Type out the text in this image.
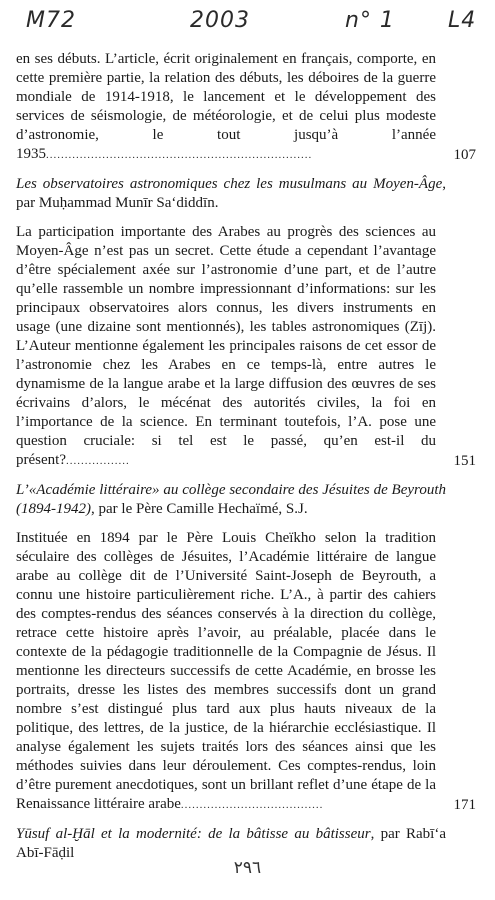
M72	2003	n° 1 L4

en ses débuts. L’article, écrit originalement en français, comporte, en cette première partie, la relation des débuts, les déboires de la guerre mondiale de 1914-1918, le lancement et le développement des services de séismologie, de météorologie, et de celui plus modeste d’astronomie, le tout jusqu’à l’année 1935.......................................................................	107

Les observatoires astronomiques chez les musulmans au Moyen-Âge, par Muḥammad Munīr Sa‘diddīn.

La participation importante des Arabes au progrès des sciences au Moyen-Âge n’est pas un secret. Cette étude a cependant l’avantage d’être spécialement axée sur l’astronomie d’une part, et de l’autre qu’elle rassemble un nombre impressionnant d’informations: sur les principaux observatoires alors connus, les divers instruments en usage (une dizaine sont mentionnés), les tables astronomiques (Zīj). L’Auteur mentionne également les principales raisons de cet essor de l’astronomie chez les Arabes en ce temps-là, entre autres le dynamisme de la langue arabe et la large diffusion des œuvres de ses écrivains d’alors, le mécénat des autorités civiles, la foi en l’importance de la science. En terminant toutefois, l’A. pose une question cruciale: si tel est le passé, qu’en est-il du présent?.................	151

L’«Académie littéraire» au collège secondaire des Jésuites de Beyrouth (1894-1942), par le Père Camille Hechaïmé, S.J.

Instituée en 1894 par le Père Louis Cheïkho selon la tradition séculaire des collèges de Jésuites, l’Académie littéraire de langue arabe au collège dit de l’Université Saint-Joseph de Beyrouth, a connu une histoire particulièrement riche. L’A., à partir des cahiers des comptes-rendus des séances conservés à la direction du collège, retrace cette histoire après l’avoir, au préalable, placée dans le contexte de la pédagogie traditionnelle de la Compagnie de Jésus. Il mentionne les directeurs successifs de cette Académie, en brosse les portraits, dresse les listes des membres successifs dont un grand nombre s’est distingué plus tard aux plus hauts niveaux de la politique, des lettres, de la justice, de la hiérarchie ecclésiastique. Il analyse également les sujets traités lors des séances ainsi que les méthodes suivies dans leur déroulement. Ces comptes-rendus, loin d’être purement anecdotiques, sont un brillant reflet d’une étape de la Renaissance littéraire arabe......................................	171

Yūsuf al-Ḫāl et la modernité: de la bâtisse au bâtisseur, par Rabī‘a Abī-Fāḍil

٢٩٦
